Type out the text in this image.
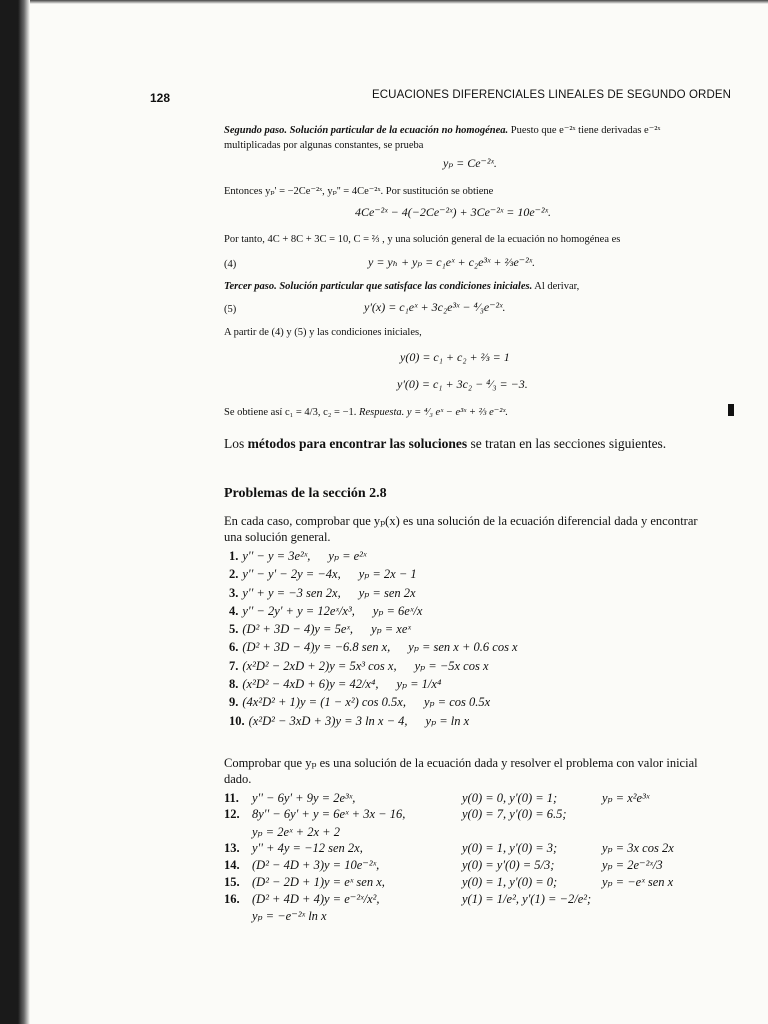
128	ECUACIONES DIFERENCIALES LINEALES DE SEGUNDO ORDEN
Segundo paso. Solución particular de la ecuación no homogénea. Puesto que e⁻²ˣ tiene derivadas e⁻²ˣ
multiplicadas por algunas constantes, se prueba
yₚ = Ce⁻²ˣ.
Entonces yₚ' = −2Ce⁻²ˣ, yₚ'' = 4Ce⁻²ˣ. Por sustitución se obtiene
4Ce⁻²ˣ − 4(−2Ce⁻²ˣ) + 3Ce⁻²ˣ = 10e⁻²ˣ.
Por tanto, 4C + 8C + 3C = 10, C = ⅔ , y una solución general de la ecuación no homogénea es
(4)	y = yₕ + yₚ = c₁eˣ + c₂e³ˣ + ⅔e⁻²ˣ.
Tercer paso. Solución particular que satisface las condiciones iniciales. Al derivar,
(5)	y'(x) = c₁eˣ + 3c₂e³ˣ − ⁴⁄₃e⁻²ˣ.
A partir de (4) y (5) y las condiciones iniciales,
y(0) = c₁ + c₂ + ⅔ = 1
y'(0) = c₁ + 3c₂ − ⁴⁄₃ = −3.
Se obtiene así c₁ = 4/3, c₂ = −1. Respuesta. y = ⁴⁄₃ eˣ − e³ˣ + ⅔ e⁻²ˣ.
Los métodos para encontrar las soluciones se tratan en las secciones siguientes.
Problemas de la sección 2.8
En cada caso, comprobar que yₚ(x) es una solución de la ecuación diferencial dada y encontrar
una solución general.
1. y'' − y = 3e²ˣ, yₚ = e²ˣ
2. y'' − y' − 2y = −4x, yₚ = 2x − 1
3. y'' + y = −3 sen 2x, yₚ = sen 2x
4. y'' − 2y' + y = 12eˣ/x³, yₚ = 6eˣ/x
5. (D² + 3D − 4)y = 5eˣ, yₚ = xeˣ
6. (D² + 3D − 4)y = −6.8 sen x, yₚ = sen x + 0.6 cos x
7. (x²D² − 2xD + 2)y = 5x³ cos x, yₚ = −5x cos x
8. (x²D² − 4xD + 6)y = 42/x⁴, yₚ = 1/x⁴
9. (4x²D² + 1)y = (1 − x²) cos 0.5x, yₚ = cos 0.5x
10. (x²D² − 3xD + 3)y = 3 ln x − 4, yₚ = ln x
Comprobar que yₚ es una solución de la ecuación dada y resolver el problema con valor inicial
dado.
11. y'' − 6y' + 9y = 2e³ˣ,	y(0) = 0, y'(0) = 1;	yₚ = x²e³ˣ
12. 8y'' − 6y' + y = 6eˣ + 3x − 16,	y(0) = 7, y'(0) = 6.5;
yₚ = 2eˣ + 2x + 2
13. y'' + 4y = −12 sen 2x,	y(0) = 1, y'(0) = 3;	yₚ = 3x cos 2x
14. (D² − 4D + 3)y = 10e⁻²ˣ,	y(0) = y'(0) = 5/3;	yₚ = 2e⁻²ˣ/3
15. (D² − 2D + 1)y = eˣ sen x,	y(0) = 1, y'(0) = 0;	yₚ = −eˣ sen x
16. (D² + 4D + 4)y = e⁻²ˣ/x²,	y(1) = 1/e², y'(1) = −2/e²;
yₚ = −e⁻²ˣ ln x
